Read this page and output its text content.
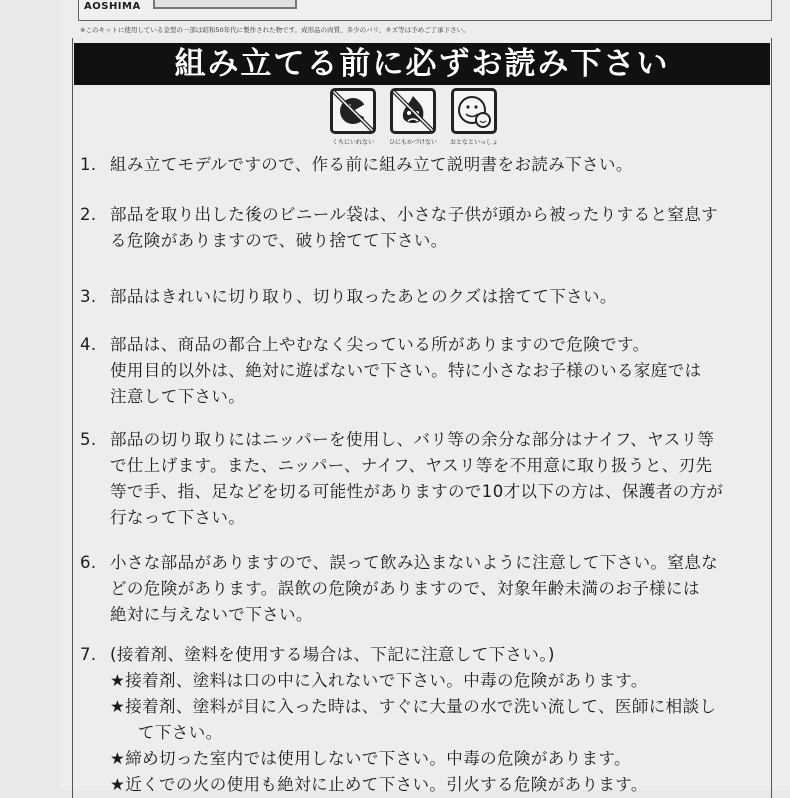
AOSHIMA
※このキットに使用している金型の一部は昭和50年代に製作された物です。成形品の肉質、多少のバリ、キズ等は予めご了承下さい。
組み立てる前に必ずお読み下さい
くちにいれない	ひにもかづけない おとなといっしょ
1. 組み立てモデルですので、作る前に組み立て説明書をお読み下さい。
2. 部品を取り出した後のビニール袋は、小さな子供が頭から被ったりすると窒息す
る危険がありますので、破り捨てて下さい。
3. 部品はきれいに切り取り、切り取ったあとのクズは捨てて下さい。
4. 部品は、商品の都合上やむなく尖っている所がありますので危険です。
使用目的以外は、絶対に遊ばないで下さい。特に小さなお子様のいる家庭では
注意して下さい。
5. 部品の切り取りにはニッパーを使用し、バリ等の余分な部分はナイフ、ヤスリ等
で仕上げます。また、ニッパー、ナイフ、ヤスリ等を不用意に取り扱うと、刃先
等で手、指、足などを切る可能性がありますので10才以下の方は、保護者の方が
行なって下さい。
6. 小さな部品がありますので、誤って飲み込まないように注意して下さい。窒息な
どの危険があります。誤飲の危険がありますので、対象年齢未満のお子様には
絶対に与えないで下さい。
7. (接着剤、塗料を使用する場合は、下記に注意して下さい。)
★接着剤、塗料は口の中に入れないで下さい。中毒の危険があります。
★接着剤、塗料が目に入った時は、すぐに大量の水で洗い流して、医師に相談し
て下さい。
★締め切った室内では使用しないで下さい。中毒の危険があります。
★近くでの火の使用も絶対に止めて下さい。引火する危険があります。
